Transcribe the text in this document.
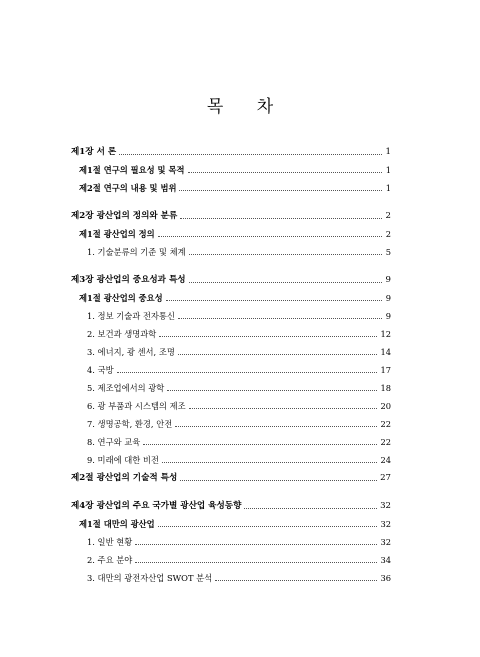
목 차
제1장 서 론	1
제1절 연구의 필요성 및 목적	1
제2절 연구의 내용 및 범위	1
제2장 광산업의 정의와 분류	2
제1절 광산업의 정의	2
1. 기술분류의 기준 및 체계	5
제3장 광산업의 중요성과 특성	9
제1절 광산업의 중요성	9
1. 정보 기술과 전자통신	9
2. 보건과 생명과학	12
3. 에너지, 광 센서, 조명	14
4. 국방	17
5. 제조업에서의 광학	18
6. 광 부품과 시스템의 제조	20
7. 생명공학, 환경, 안전	22
8. 연구와 교육	22
9. 미래에 대한 비전	24
제2절 광산업의 기술적 특성	27
제4장 광산업의 주요 국가별 광산업 육성동향	32
제1절 대만의 광산업	32
1. 일반 현황	32
2. 주요 분야	34
3. 대만의 광전자산업 SWOT 분석	36
